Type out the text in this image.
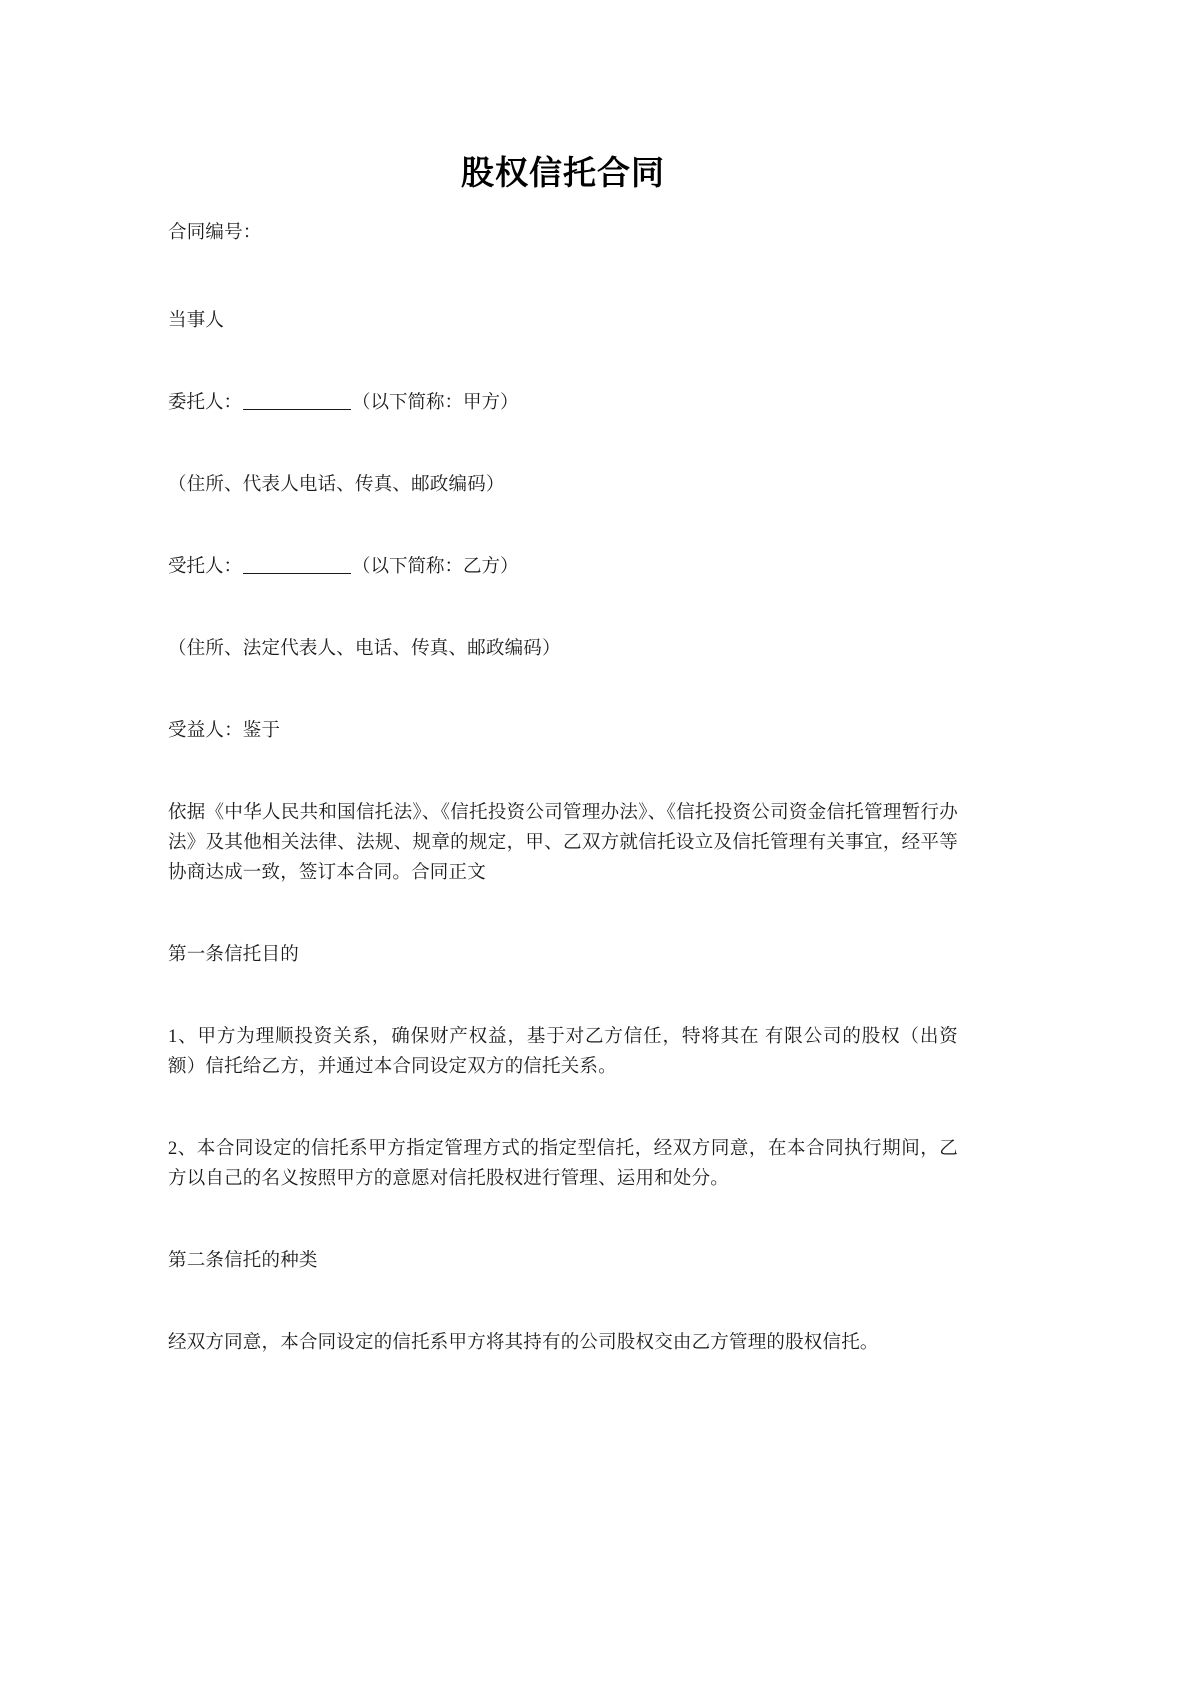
股权信托合同

合同编号：

当事人

委托人：	（以下简称：甲方）

（住所、代表人电话、传真、邮政编码）

受托人：	（以下简称：乙方）

（住所、法定代表人、电话、传真、邮政编码）

受益人：鉴于

依据《中华人民共和国信托法》、《信托投资公司管理办法》、《信托投资公司资金信托管理暂行办法》及其他相关法律、法规、规章的规定，甲、乙双方就信托设立及信托管理有关事宜，经平等协商达成一致，签订本合同。合同正文

第一条信托目的

1、甲方为理顺投资关系，确保财产权益，基于对乙方信任，特将其在 有限公司的股权（出资额）信托给乙方，并通过本合同设定双方的信托关系。

2、本合同设定的信托系甲方指定管理方式的指定型信托，经双方同意，在本合同执行期间，乙方以自己的名义按照甲方的意愿对信托股权进行管理、运用和处分。

第二条信托的种类

经双方同意，本合同设定的信托系甲方将其持有的公司股权交由乙方管理的股权信托。
